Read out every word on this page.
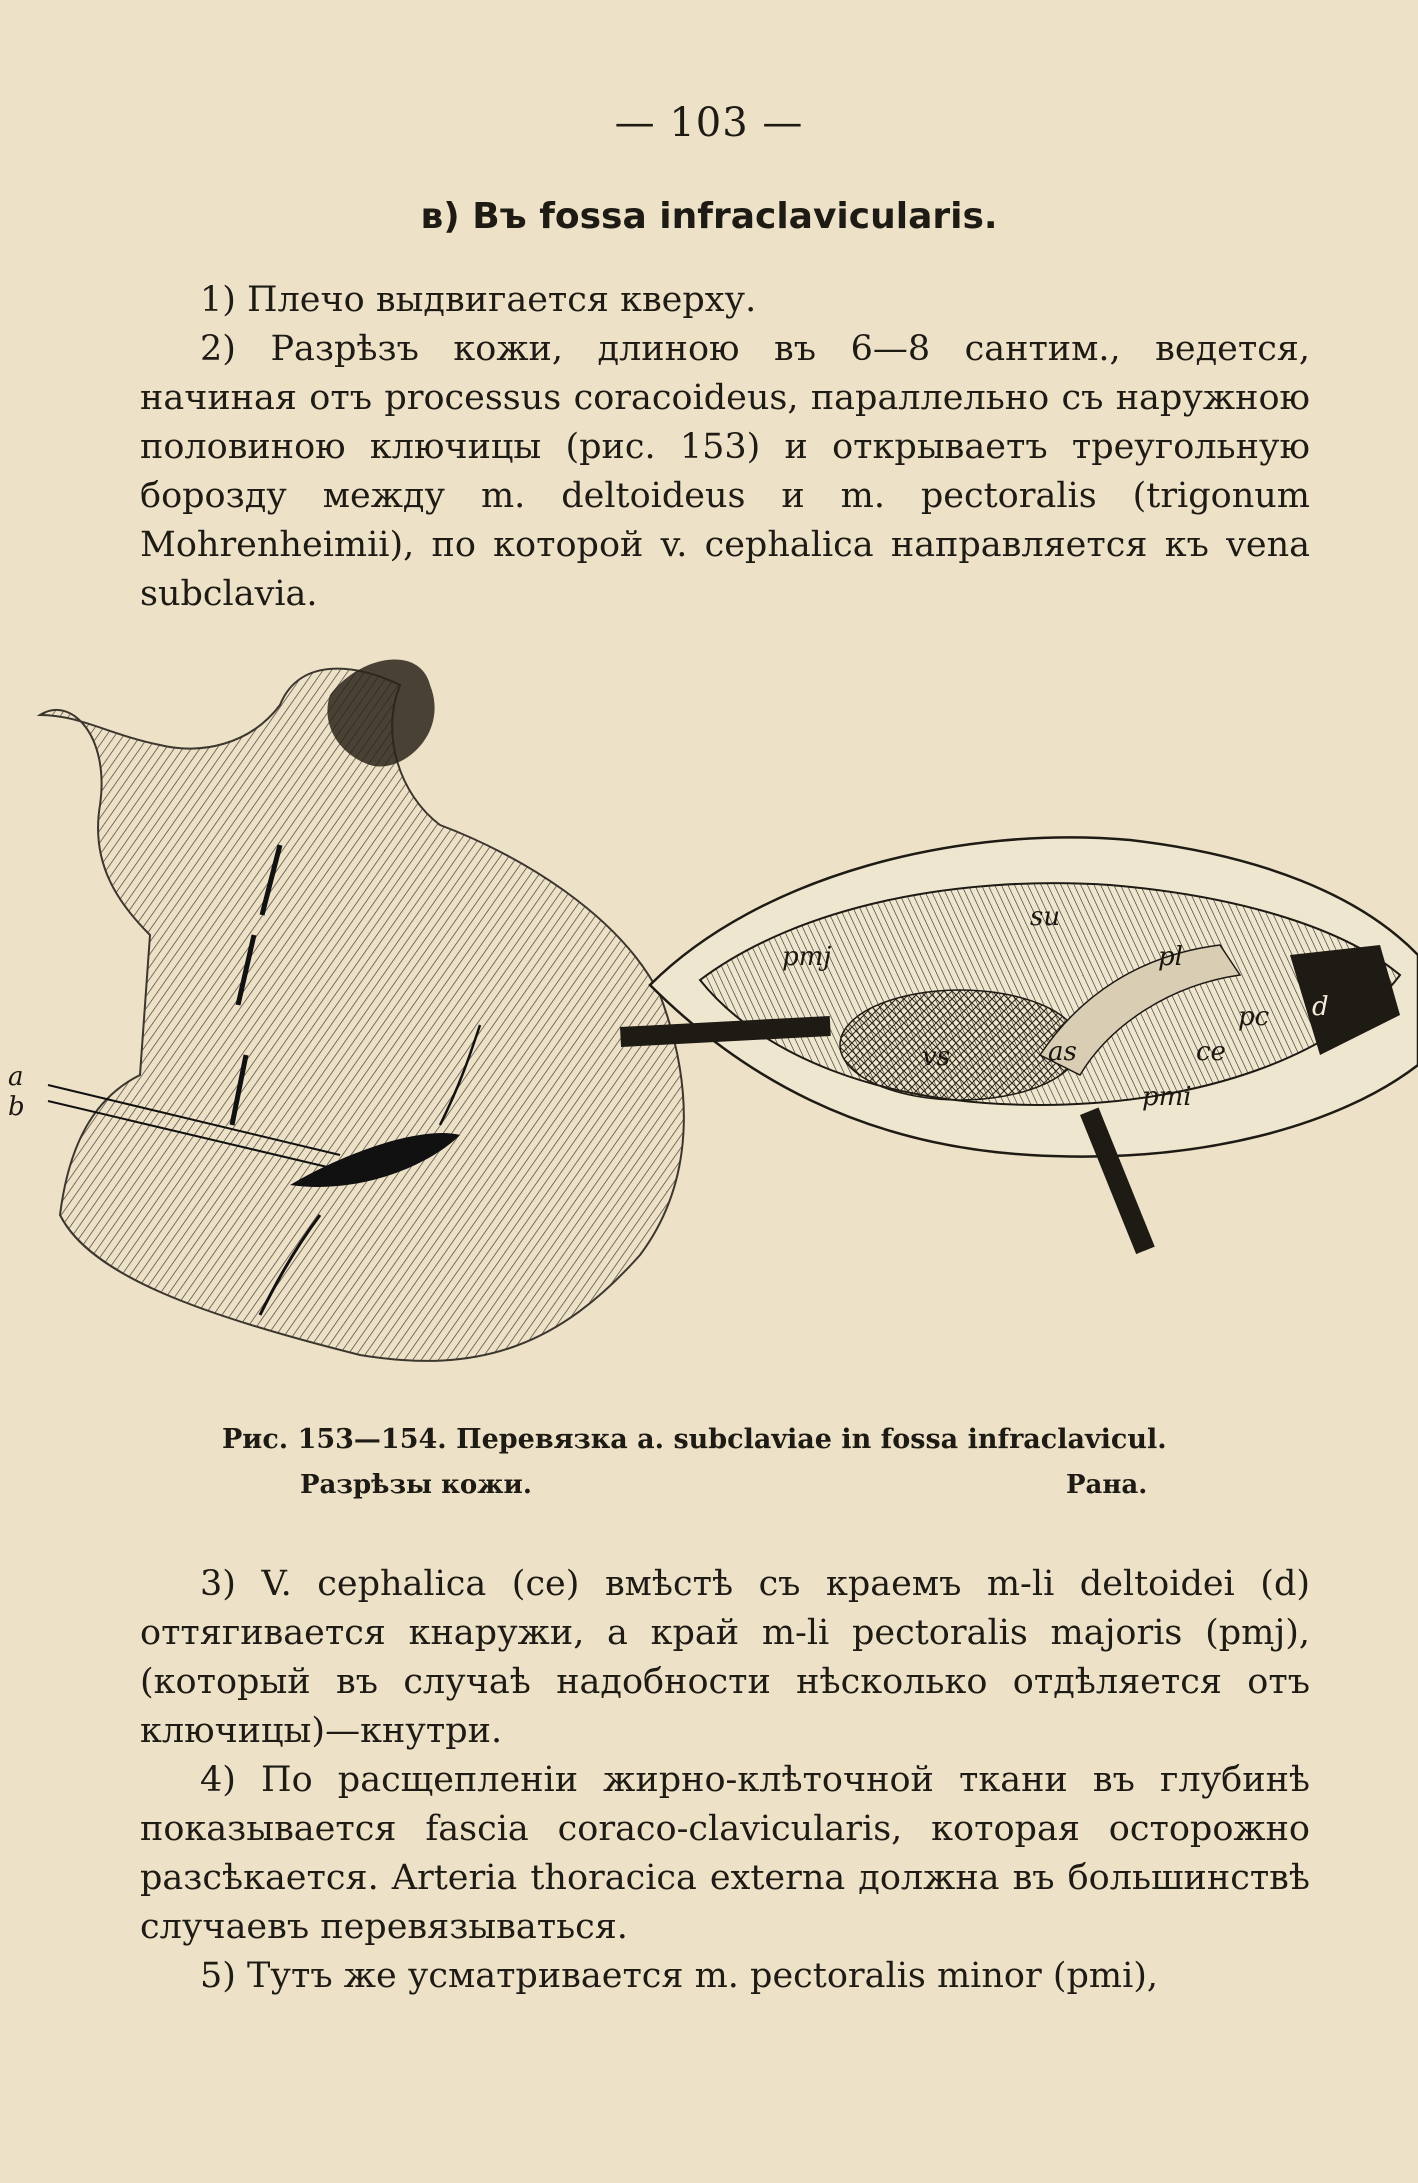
— 103 —
в) Въ fossa infraclavicularis.

1) Плечо выдвигается кверху.

2) Разрѣзъ кожи, длиною въ 6—8 сантим., ведется, начиная отъ processus coracoideus, параллельно съ наружною половиною ключицы (рис. 153) и открываетъ треугольную борозду между m. deltoideus и m. pectoralis (trigonum Mohrenheimii), по которой v. cephalica направляется къ vena subclavia.

a
b
su
pmj	pl
d
pc
ce
vs	as
pmi
Рис. 153—154. Перевязка a. subclaviae in fossa infraclavicul.
Разрѣзы кожи.	Рана.

3) V. cephalica (ce) вмѣстѣ съ краемъ m-li deltoidei (d) оттягивается кнаружи, а край m-li pectoralis majoris (pmj), (который въ случаѣ надобности нѣсколько отдѣляется отъ ключицы)—кнутри.

4) По расщепленіи жирно-клѣточной ткани въ глубинѣ показывается fascia coraco-clavicularis, которая осторожно разсѣкается. Arteria thoracica externa должна въ большинствѣ случаевъ перевязываться.

5) Тутъ же усматривается m. pectoralis minor (pmi),
